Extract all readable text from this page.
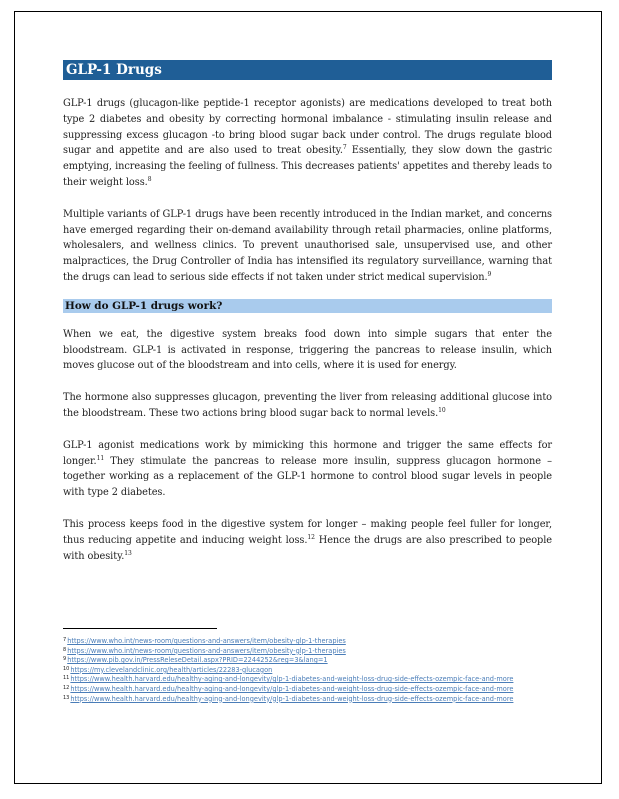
GLP-1 Drugs

GLP-1 drugs (glucagon-like peptide-1 receptor agonists) are medications developed to treat both type 2 diabetes and obesity by correcting hormonal imbalance - stimulating insulin release and suppressing excess glucagon -to bring blood sugar back under control. The drugs regulate blood sugar and appetite and are also used to treat obesity.$^7$ Essentially, they slow down the gastric emptying, increasing the feeling of fullness. This decreases patients' appetites and thereby leads to their weight loss.$^8$

Multiple variants of GLP-1 drugs have been recently introduced in the Indian market, and concerns have emerged regarding their on-demand availability through retail pharmacies, online platforms, wholesalers, and wellness clinics. To prevent unauthorised sale, unsupervised use, and other malpractices, the Drug Controller of India has intensified its regulatory surveillance, warning that the drugs can lead to serious side effects if not taken under strict medical supervision.$^9$

How do GLP-1 drugs work?

When we eat, the digestive system breaks food down into simple sugars that enter the bloodstream. GLP-1 is activated in response, triggering the pancreas to release insulin, which moves glucose out of the bloodstream and into cells, where it is used for energy.

The hormone also suppresses glucagon, preventing the liver from releasing additional glucose into the bloodstream. These two actions bring blood sugar back to normal levels.$^{10}$

GLP-1 agonist medications work by mimicking this hormone and trigger the same effects for longer.$^{11}$ They stimulate the pancreas to release more insulin, suppress glucagon hormone – together working as a replacement of the GLP-1 hormone to control blood sugar levels in people with type 2 diabetes.

This process keeps food in the digestive system for longer – making people feel fuller for longer, thus reducing appetite and inducing weight loss.$^{12}$ Hence the drugs are also prescribed to people with obesity.$^{13}$

$^7$https://www.who.int/news-room/questions-and-answers/item/obesity-glp-1-therapies

$^8$https://www.who.int/news-room/questions-and-answers/item/obesity-glp-1-therapies

$^9$https://www.pib.gov.in/PressReleseDetail.aspx?PRID=2244252&reg=3&lang=1

$^{10}$https://my.clevelandclinic.org/health/articles/22283-glucagon

$^{11}$https://www.health.harvard.edu/healthy-aging-and-longevity/glp-1-diabetes-and-weight-loss-drug-side-effects-ozempic-face-and-more

$^{12}$https://www.health.harvard.edu/healthy-aging-and-longevity/glp-1-diabetes-and-weight-loss-drug-side-effects-ozempic-face-and-more

$^{13}$https://www.health.harvard.edu/healthy-aging-and-longevity/glp-1-diabetes-and-weight-loss-drug-side-effects-ozempic-face-and-more
